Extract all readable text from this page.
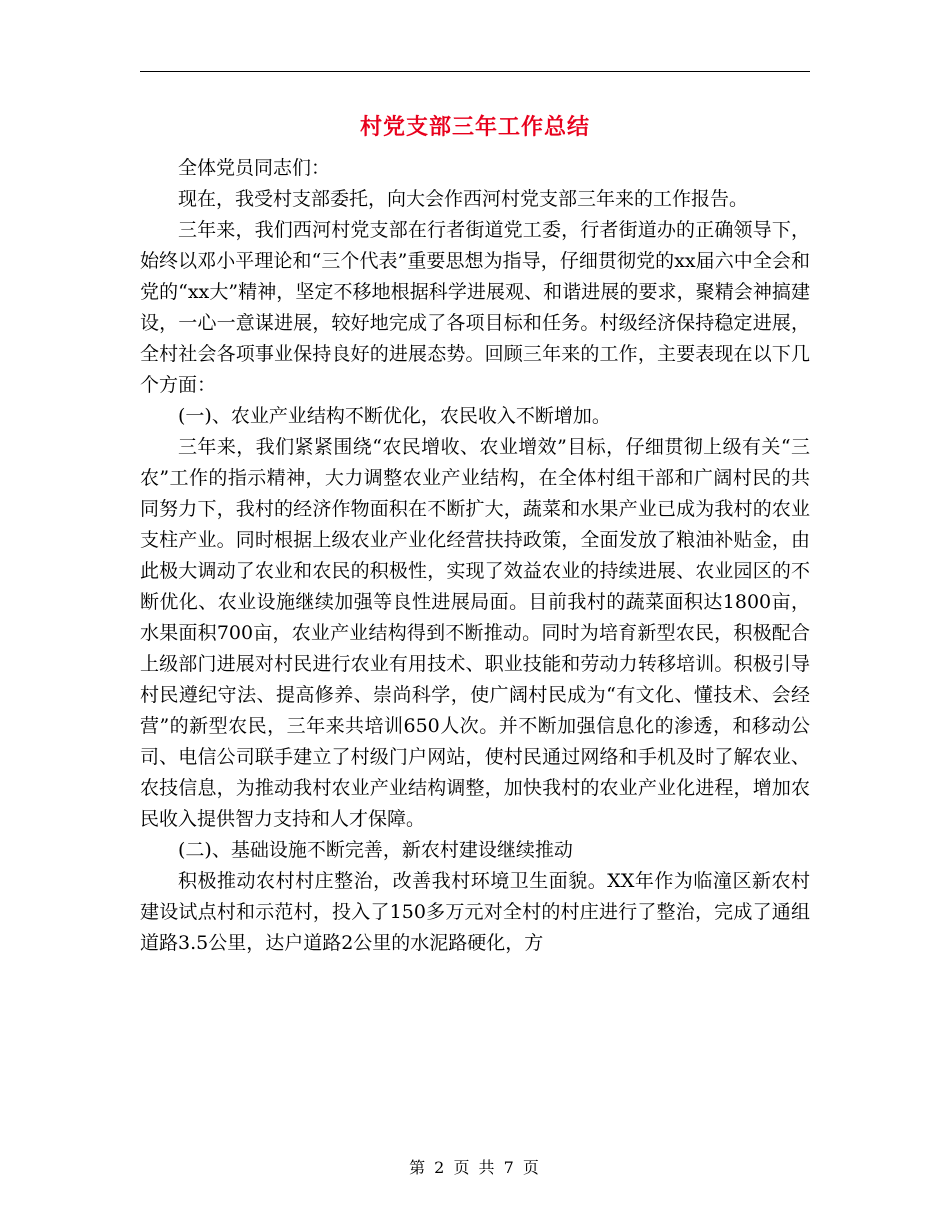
村党支部三年工作总结

全体党员同志们：

现在，我受村支部委托，向大会作西河村党支部三年来的工作报告。

三年来，我们西河村党支部在行者街道党工委，行者街道办的正确领导下，始终以邓小平理论和“三个代表”重要思想为指导，仔细贯彻党的xx届六中全会和党的“xx大”精神，坚定不移地根据科学进展观、和谐进展的要求，聚精会神搞建设，一心一意谋进展，较好地完成了各项目标和任务。村级经济保持稳定进展，全村社会各项事业保持良好的进展态势。回顾三年来的工作，主要表现在以下几个方面：

(一)、农业产业结构不断优化，农民收入不断增加。

三年来，我们紧紧围绕“农民增收、农业增效”目标，仔细贯彻上级有关“三农”工作的指示精神，大力调整农业产业结构，在全体村组干部和广阔村民的共同努力下，我村的经济作物面积在不断扩大，蔬菜和水果产业已成为我村的农业支柱产业。同时根据上级农业产业化经营扶持政策，全面发放了粮油补贴金，由此极大调动了农业和农民的积极性，实现了效益农业的持续进展、农业园区的不断优化、农业设施继续加强等良性进展局面。目前我村的蔬菜面积达1800亩，水果面积700亩，农业产业结构得到不断推动。同时为培育新型农民，积极配合上级部门进展对村民进行农业有用技术、职业技能和劳动力转移培训。积极引导村民遵纪守法、提高修养、崇尚科学，使广阔村民成为“有文化、懂技术、会经营”的新型农民，三年来共培训650人次。并不断加强信息化的渗透，和移动公司、电信公司联手建立了村级门户网站，使村民通过网络和手机及时了解农业、农技信息，为推动我村农业产业结构调整，加快我村的农业产业化进程，增加农民收入提供智力支持和人才保障。

(二)、基础设施不断完善，新农村建设继续推动

积极推动农村村庄整治，改善我村环境卫生面貌。XX年作为临潼区新农村建设试点村和示范村，投入了150多万元对全村的村庄进行了整治，完成了通组道路3.5公里，达户道路2公里的水泥路硬化，方

第 2 页 共 7 页
